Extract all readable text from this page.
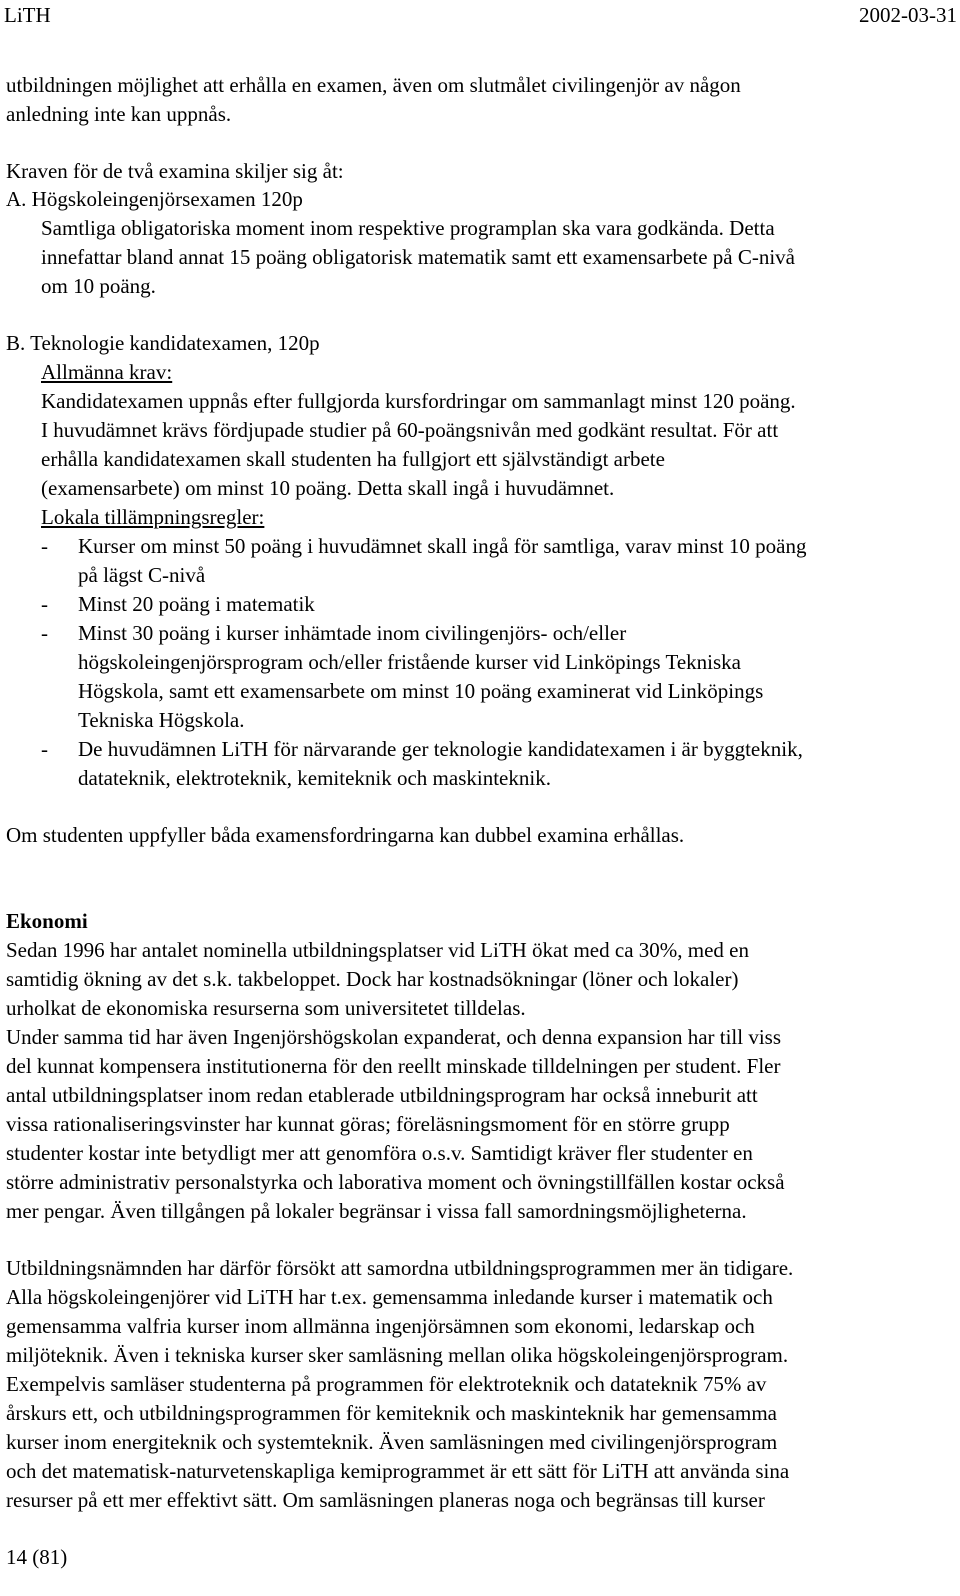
LiTH	2002-03-31
utbildningen möjlighet att erhålla en examen, även om slutmålet civilingenjör av någon
anledning inte kan uppnås.
Kraven för de två examina skiljer sig åt:
A. Högskoleingenjörsexamen 120p
Samtliga obligatoriska moment inom respektive programplan ska vara godkända. Detta
innefattar bland annat 15 poäng obligatorisk matematik samt ett examensarbete på C-nivå
om 10 poäng.
B. Teknologie kandidatexamen, 120p
Allmänna krav:
Kandidatexamen uppnås efter fullgjorda kursfordringar om sammanlagt minst 120 poäng.
I huvudämnet krävs fördjupade studier på 60-poängsnivån med godkänt resultat. För att
erhålla kandidatexamen skall studenten ha fullgjort ett självständigt arbete
(examensarbete) om minst 10 poäng. Detta skall ingå i huvudämnet.
Lokala tillämpningsregler:
- Kurser om minst 50 poäng i huvudämnet skall ingå för samtliga, varav minst 10 poäng
på lägst C-nivå
- Minst 20 poäng i matematik
- Minst 30 poäng i kurser inhämtade inom civilingenjörs- och/eller
högskoleingenjörsprogram och/eller fristående kurser vid Linköpings Tekniska
Högskola, samt ett examensarbete om minst 10 poäng examinerat vid Linköpings
Tekniska Högskola.
- De huvudämnen LiTH för närvarande ger teknologie kandidatexamen i är byggteknik,
datateknik, elektroteknik, kemiteknik och maskinteknik.
Om studenten uppfyller båda examensfordringarna kan dubbel examina erhållas.
Ekonomi
Sedan 1996 har antalet nominella utbildningsplatser vid LiTH ökat med ca 30%, med en
samtidig ökning av det s.k. takbeloppet. Dock har kostnadsökningar (löner och lokaler)
urholkat de ekonomiska resurserna som universitetet tilldelas.
Under samma tid har även Ingenjörshögskolan expanderat, och denna expansion har till viss
del kunnat kompensera institutionerna för den reellt minskade tilldelningen per student. Fler
antal utbildningsplatser inom redan etablerade utbildningsprogram har också inneburit att
vissa rationaliseringsvinster har kunnat göras; föreläsningsmoment för en större grupp
studenter kostar inte betydligt mer att genomföra o.s.v. Samtidigt kräver fler studenter en
större administrativ personalstyrka och laborativa moment och övningstillfällen kostar också
mer pengar. Även tillgången på lokaler begränsar i vissa fall samordningsmöjligheterna.
Utbildningsnämnden har därför försökt att samordna utbildningsprogrammen mer än tidigare.
Alla högskoleingenjörer vid LiTH har t.ex. gemensamma inledande kurser i matematik och
gemensamma valfria kurser inom allmänna ingenjörsämnen som ekonomi, ledarskap och
miljöteknik. Även i tekniska kurser sker samläsning mellan olika högskoleingenjörsprogram.
Exempelvis samläser studenterna på programmen för elektroteknik och datateknik 75% av
årskurs ett, och utbildningsprogrammen för kemiteknik och maskinteknik har gemensamma
kurser inom energiteknik och systemteknik. Även samläsningen med civilingenjörsprogram
och det matematisk-naturvetenskapliga kemiprogrammet är ett sätt för LiTH att använda sina
resurser på ett mer effektivt sätt. Om samläsningen planeras noga och begränsas till kurser
14 (81)
